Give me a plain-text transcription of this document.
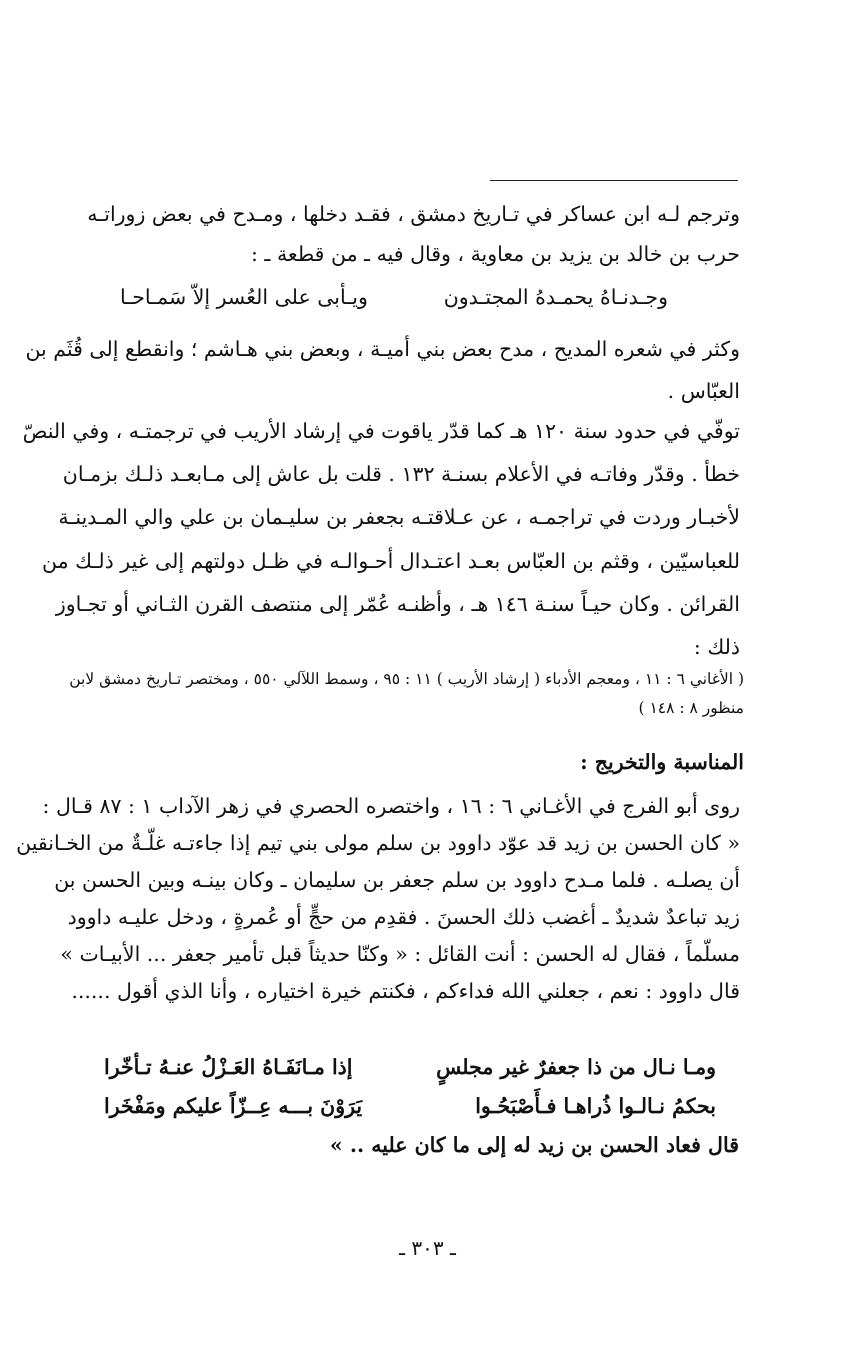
وترجم لـه ابن عساكر في تـاريخ دمشق ، فقـد دخلها ، ومـدح في بعض زوراتـه
حرب بن خالد بن يزيد بن معاوية ، وقال فيه ـ من قطعة ـ :
وجـدنـاهُ يحمـدهُ المجتـدون
ويـأبى على العُسر إلاّ سَمـاحـا
وكثر في شعره المديح ، مدح بعض بني أميـة ، وبعض بني هـاشم ؛ وانقطع إلى قُثَم بن
العبّاس .
توفّي في حدود سنة ١٢٠ هـ كما قدّر ياقوت في إرشاد الأريب في ترجمتـه ، وفي النصّ
خطأ . وقدّر وفاتـه في الأعلام بسنـة ١٣٢ . قلت بل عاش إلى مـابعـد ذلـك بزمـان
لأخبـار وردت في تراجمـه ، عن عـلاقتـه بجعفر بن سليـمان بن علي والي المـدينـة
للعباسيّين ، وقثم بن العبّاس بعـد اعتـدال أحـوالـه في ظـل دولتهم إلى غير ذلـك من
القرائن . وكان حيـاً سنـة ١٤٦ هـ ، وأظنـه عُمّر إلى منتصف القرن الثـاني أو تجـاوز
ذلك :
( الأغاني ٦ : ١١ ، ومعجم الأدباء ( إرشاد الأريب ) ١١ : ٩٥ ، وسمط اللآلي ٥٥٠ ، ومختصر تـاريخ دمشق لابن
منظور ٨ : ١٤٨ )
المناسبة والتخريج :
روى أبو الفرج في الأغـاني ٦ : ١٦ ، واختصره الحصري في زهر الآداب ١ : ٨٧ قـال :
« كان الحسن بن زيد قد عوّد داوود بن سلم مولى بني تيم إذا جاءتـه غلّـةٌ من الخـانقين
أن يصلـه . فلما مـدح داوود بن سلم جعفر بن سليمان ـ وكان بينـه وبين الحسن بن
زيد تباعدٌ شديدٌ ـ أغضب ذلك الحسنَ . فقدِم من حجٍّ أو عُمرةٍ ، ودخل عليـه داوود
مسلّماً ، فقال له الحسن : أنت القائل : « وكنّا حديثاً قبل تأمير جعفر ... الأبيـات »
قال داوود : نعم ، جعلني الله فداءكم ، فكنتم خيرة اختياره ، وأنا الذي أقول ......
ومـا نـال من ذا جعفرٌ غير مجلسٍ
إذا مـانَفَـاهُ العَـزْلُ عنـهُ تـأخّرا
بحكمُ نـالـوا ذُراهـا فـأَصْبَحُـوا
يَرَوْنَ بـــه عِــزّاً عليكم ومَفْخَرا
قال فعاد الحسن بن زيد له إلى ما كان عليه .. »
ـ ٣٠٣ ـ
